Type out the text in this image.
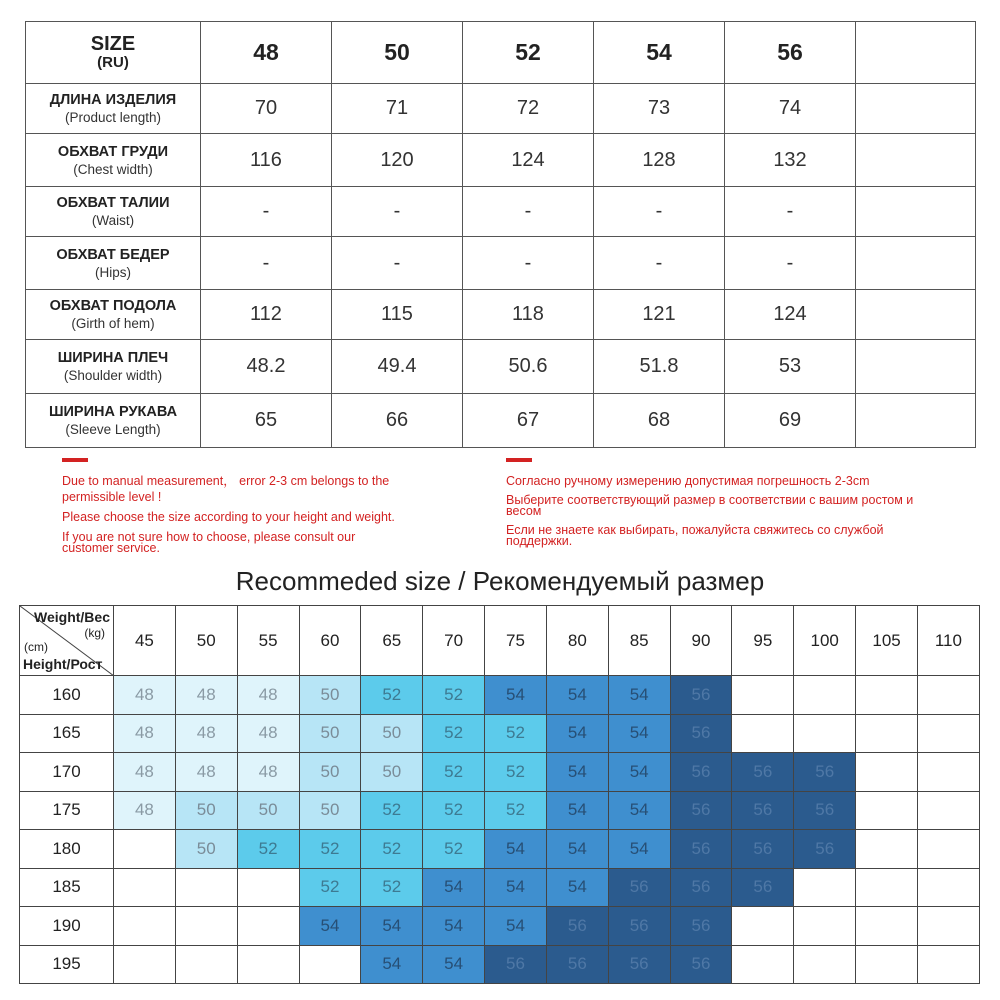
SIZE
(RU)	48	50	52	54	56	

ДЛИНА ИЗДЕЛИЯ
(Product length)	70	71	72	73	74	

ОБХВАТ ГРУДИ
(Chest width)	116	120	124	128	132	

ОБХВАТ ТАЛИИ
(Waist)	-	-	-	-	-	

ОБХВАТ БЕДЕР
(Hips)	-	-	-	-	-	

ОБХВАТ ПОДОЛА
(Girth of hem)	112	115	118	121	124	

ШИРИНА ПЛЕЧ
(Shoulder width)	48.2	49.4	50.6	51.8	53	

ШИРИНА РУКАВА
(Sleeve Length)	65	66	67	68	69	
Due to manual measurement， error 2-3 cm belongs to the
permissible level !
Please choose the size according to your height and weight.
If you are not sure how to choose, please consult our
customer service.
Согласно ручному измерению допустимая погрешность 2-3cm
Выберите соответствующий размер в соответствии с вашим ростом и
весом
Если не знаете как выбирать, пожалуйста свяжитесь со службой
поддержки.
Recommeded size / Рекомендуемый размер
Weight/Bec
(kg)
(cm)
Height/Рост	45	50	55	60	65	70	75	80	85	90	95	100	105	110
160	48	48	48	50	52	52	54	54	54	56				
165	48	48	48	50	50	52	52	54	54	56				
170	48	48	48	50	50	52	52	54	54	56	56	56		
175	48	50	50	50	52	52	52	54	54	56	56	56		
180		50	52	52	52	52	54	54	54	56	56	56		
185				52	52	54	54	54	56	56	56			
190				54	54	54	54	56	56	56				
195					54	54	56	56	56	56				
